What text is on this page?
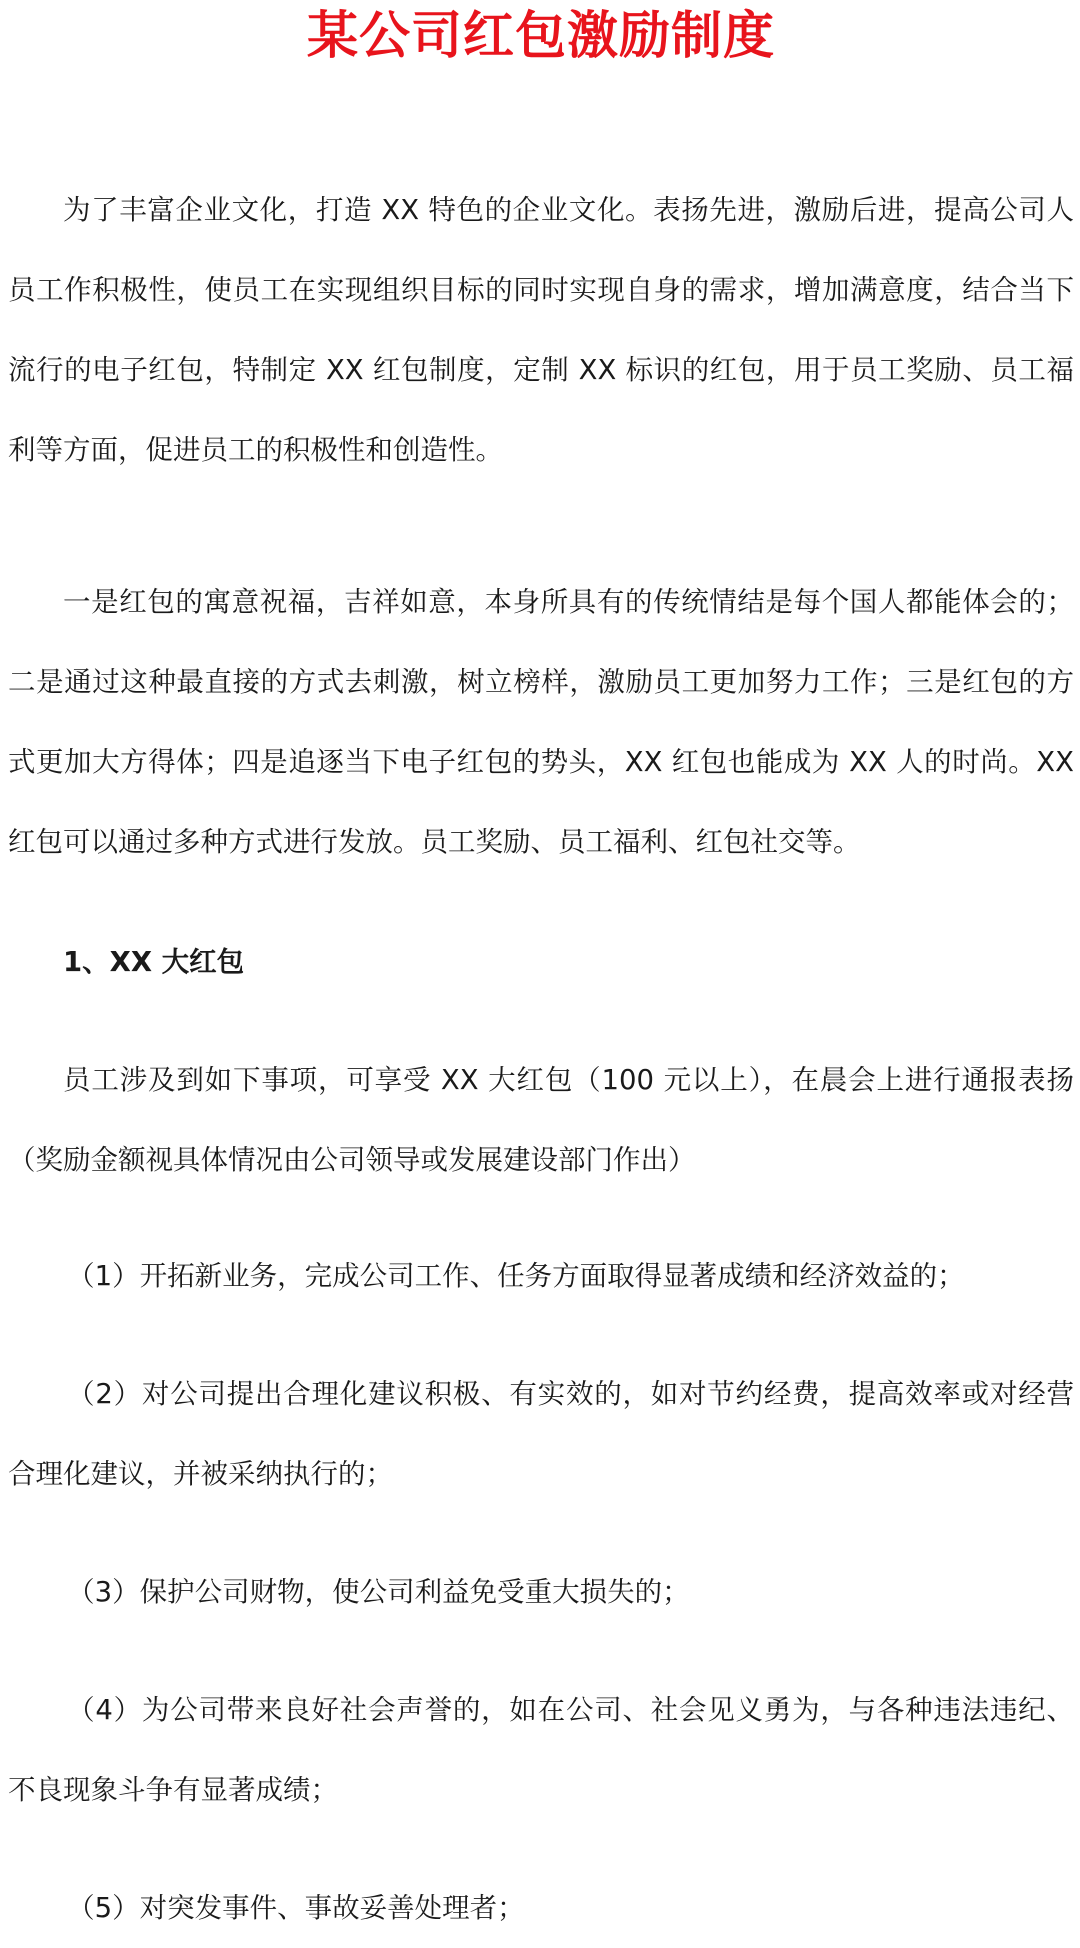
某公司红包激励制度

为了丰富企业文化，打造 XX 特色的企业文化。表扬先进，激励后进，提高公司人员工作积极性，使员工在实现组织目标的同时实现自身的需求，增加满意度，结合当下流行的电子红包，特制定 XX 红包制度，定制 XX 标识的红包，用于员工奖励、员工福利等方面，促进员工的积极性和创造性。

一是红包的寓意祝福，吉祥如意，本身所具有的传统情结是每个国人都能体会的；二是通过这种最直接的方式去刺激，树立榜样，激励员工更加努力工作；三是红包的方式更加大方得体；四是追逐当下电子红包的势头，XX 红包也能成为 XX 人的时尚。XX 红包可以通过多种方式进行发放。员工奖励、员工福利、红包社交等。

1、XX 大红包

员工涉及到如下事项，可享受 XX 大红包（100 元以上），在晨会上进行通报表扬（奖励金额视具体情况由公司领导或发展建设部门作出）

（1）开拓新业务，完成公司工作、任务方面取得显著成绩和经济效益的；

（2）对公司提出合理化建议积极、有实效的，如对节约经费，提高效率或对经营合理化建议，并被采纳执行的；

（3）保护公司财物，使公司利益免受重大损失的；

（4）为公司带来良好社会声誉的，如在公司、社会见义勇为，与各种违法违纪、不良现象斗争有显著成绩；

（5）对突发事件、事故妥善处理者；
